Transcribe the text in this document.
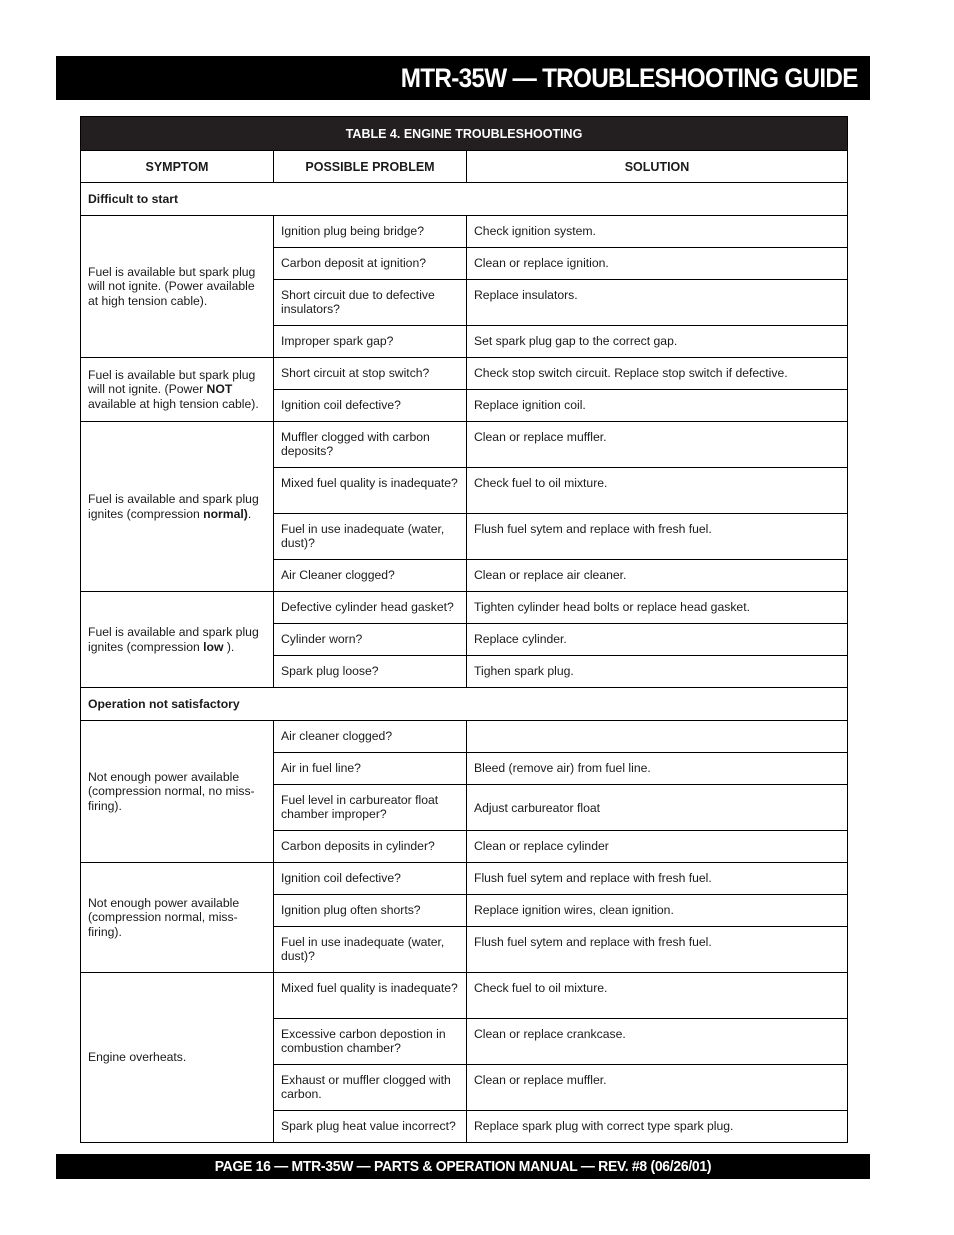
MTR-35W — TROUBLESHOOTING GUIDE
TABLE 4. ENGINE TROUBLESHOOTING		
SYMPTOM	POSSIBLE PROBLEM	SOLUTION
Difficult to start		
Fuel is available but spark plug will not ignite. (Power available at high tension cable).	Ignition plug being bridge?	Check ignition system.
	Carbon deposit at ignition?	Clean or replace ignition.
	Short circuit due to defective insulators?	Replace insulators.
	Improper spark gap?	Set spark plug gap to the correct gap.
Fuel is available but spark plug will not ignite. (Power NOT available at high tension cable).	Short circuit at stop switch?	Check stop switch circuit. Replace stop switch if defective.
	Ignition coil defective?	Replace ignition coil.
Fuel is available and spark plug ignites (compression normal).	Muffler clogged with carbon deposits?	Clean or replace muffler.
	Mixed fuel quality is inadequate?	Check fuel to oil mixture.
	Fuel in use inadequate (water, dust)?	Flush fuel sytem and replace with fresh fuel.
	Air Cleaner clogged?	Clean or replace air cleaner.
Fuel is available and spark plug ignites (compression low ).	Defective cylinder head gasket?	Tighten cylinder head bolts or replace head gasket.
	Cylinder worn?	Replace cylinder.
	Spark plug loose?	Tighen spark plug.
Operation not satisfactory		
Not enough power available (compression normal, no miss-firing).	Air cleaner clogged?	
	Air in fuel line?	Bleed (remove air) from fuel line.
	Fuel level in carbureator float chamber improper?	Adjust carbureator float
	Carbon deposits in cylinder?	Clean or replace cylinder
Not enough power available (compression normal, miss-firing).	Ignition coil defective?	Flush fuel sytem and replace with fresh fuel.
	Ignition plug often shorts?	Replace ignition wires, clean ignition.
	Fuel in use inadequate (water, dust)?	Flush fuel sytem and replace with fresh fuel.
Engine overheats.	Mixed fuel quality is inadequate?	Check fuel to oil mixture.
	Excessive carbon depostion in combustion chamber?	Clean or replace crankcase.
	Exhaust or muffler clogged with carbon.	Clean or replace muffler.
	Spark plug heat value incorrect?	Replace spark plug with correct type spark plug.
PAGE 16 — MTR-35W — PARTS & OPERATION MANUAL — REV. #8 (06/26/01)
